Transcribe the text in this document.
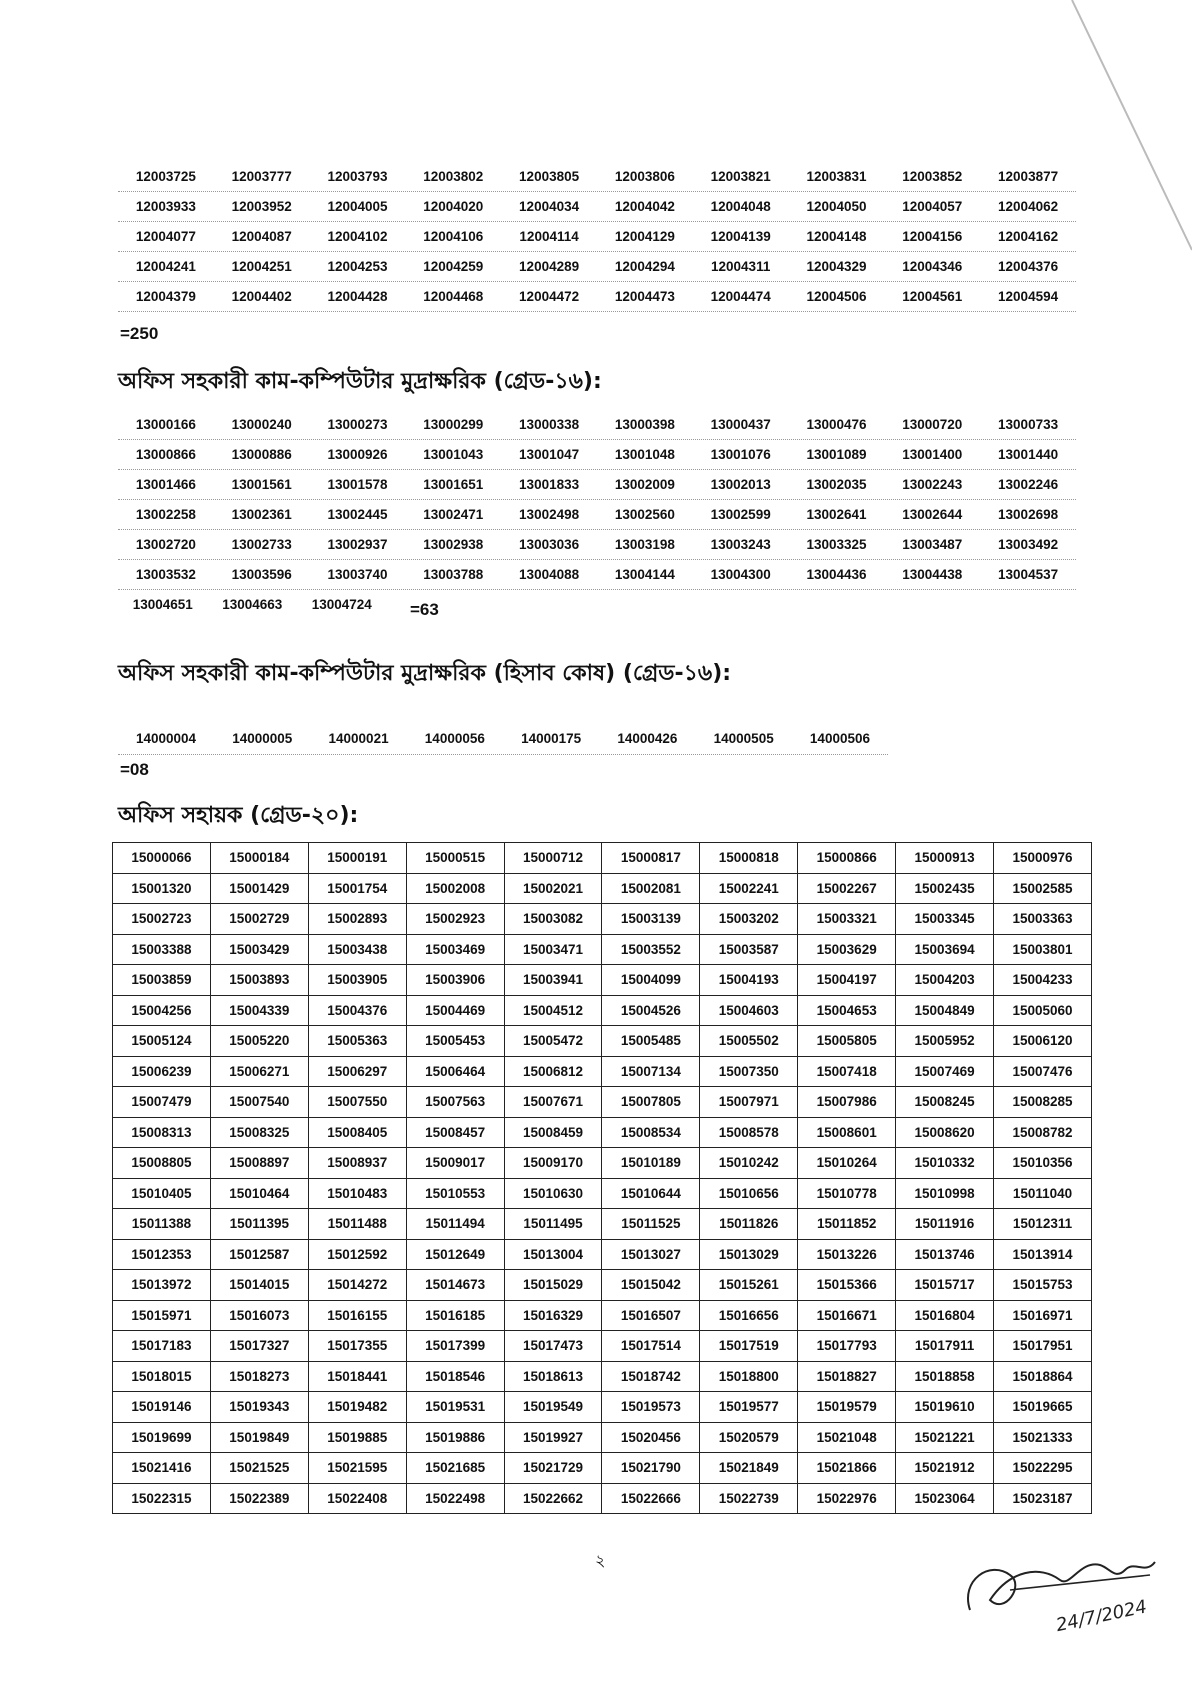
12003725	12003777	12003793	12003802	12003805	12003806	12003821	12003831	12003852	12003877
12003933	12003952	12004005	12004020	12004034	12004042	12004048	12004050	12004057	12004062
12004077	12004087	12004102	12004106	12004114	12004129	12004139	12004148	12004156	12004162
12004241	12004251	12004253	12004259	12004289	12004294	12004311	12004329	12004346	12004376
12004379	12004402	12004428	12004468	12004472	12004473	12004474	12004506	12004561	12004594
=250
অফিস সহকারী কাম-কম্পিউটার মুদ্রাক্ষরিক (গ্রেড-১৬):
13000166	13000240	13000273	13000299	13000338	13000398	13000437	13000476	13000720	13000733
13000866	13000886	13000926	13001043	13001047	13001048	13001076	13001089	13001400	13001440
13001466	13001561	13001578	13001651	13001833	13002009	13002013	13002035	13002243	13002246
13002258	13002361	13002445	13002471	13002498	13002560	13002599	13002641	13002644	13002698
13002720	13002733	13002937	13002938	13003036	13003198	13003243	13003325	13003487	13003492
13003532	13003596	13003740	13003788	13004088	13004144	13004300	13004436	13004438	13004537
13004651	13004663	13004724	=63
অফিস সহকারী কাম-কম্পিউটার মুদ্রাক্ষরিক (হিসাব কোষ) (গ্রেড-১৬):
14000004	14000005	14000021	14000056	14000175	14000426	14000505	14000506
=08
অফিস সহায়ক (গ্রেড-২০):
15000066	15000184	15000191	15000515	15000712	15000817	15000818	15000866	15000913	15000976
15001320	15001429	15001754	15002008	15002021	15002081	15002241	15002267	15002435	15002585
15002723	15002729	15002893	15002923	15003082	15003139	15003202	15003321	15003345	15003363
15003388	15003429	15003438	15003469	15003471	15003552	15003587	15003629	15003694	15003801
15003859	15003893	15003905	15003906	15003941	15004099	15004193	15004197	15004203	15004233
15004256	15004339	15004376	15004469	15004512	15004526	15004603	15004653	15004849	15005060
15005124	15005220	15005363	15005453	15005472	15005485	15005502	15005805	15005952	15006120
15006239	15006271	15006297	15006464	15006812	15007134	15007350	15007418	15007469	15007476
15007479	15007540	15007550	15007563	15007671	15007805	15007971	15007986	15008245	15008285
15008313	15008325	15008405	15008457	15008459	15008534	15008578	15008601	15008620	15008782
15008805	15008897	15008937	15009017	15009170	15010189	15010242	15010264	15010332	15010356
15010405	15010464	15010483	15010553	15010630	15010644	15010656	15010778	15010998	15011040
15011388	15011395	15011488	15011494	15011495	15011525	15011826	15011852	15011916	15012311
15012353	15012587	15012592	15012649	15013004	15013027	15013029	15013226	15013746	15013914
15013972	15014015	15014272	15014673	15015029	15015042	15015261	15015366	15015717	15015753
15015971	15016073	15016155	15016185	15016329	15016507	15016656	15016671	15016804	15016971
15017183	15017327	15017355	15017399	15017473	15017514	15017519	15017793	15017911	15017951
15018015	15018273	15018441	15018546	15018613	15018742	15018800	15018827	15018858	15018864
15019146	15019343	15019482	15019531	15019549	15019573	15019577	15019579	15019610	15019665
15019699	15019849	15019885	15019886	15019927	15020456	15020579	15021048	15021221	15021333
15021416	15021525	15021595	15021685	15021729	15021790	15021849	15021866	15021912	15022295
15022315	15022389	15022408	15022498	15022662	15022666	15022739	15022976	15023064	15023187
২
24/7/2024
